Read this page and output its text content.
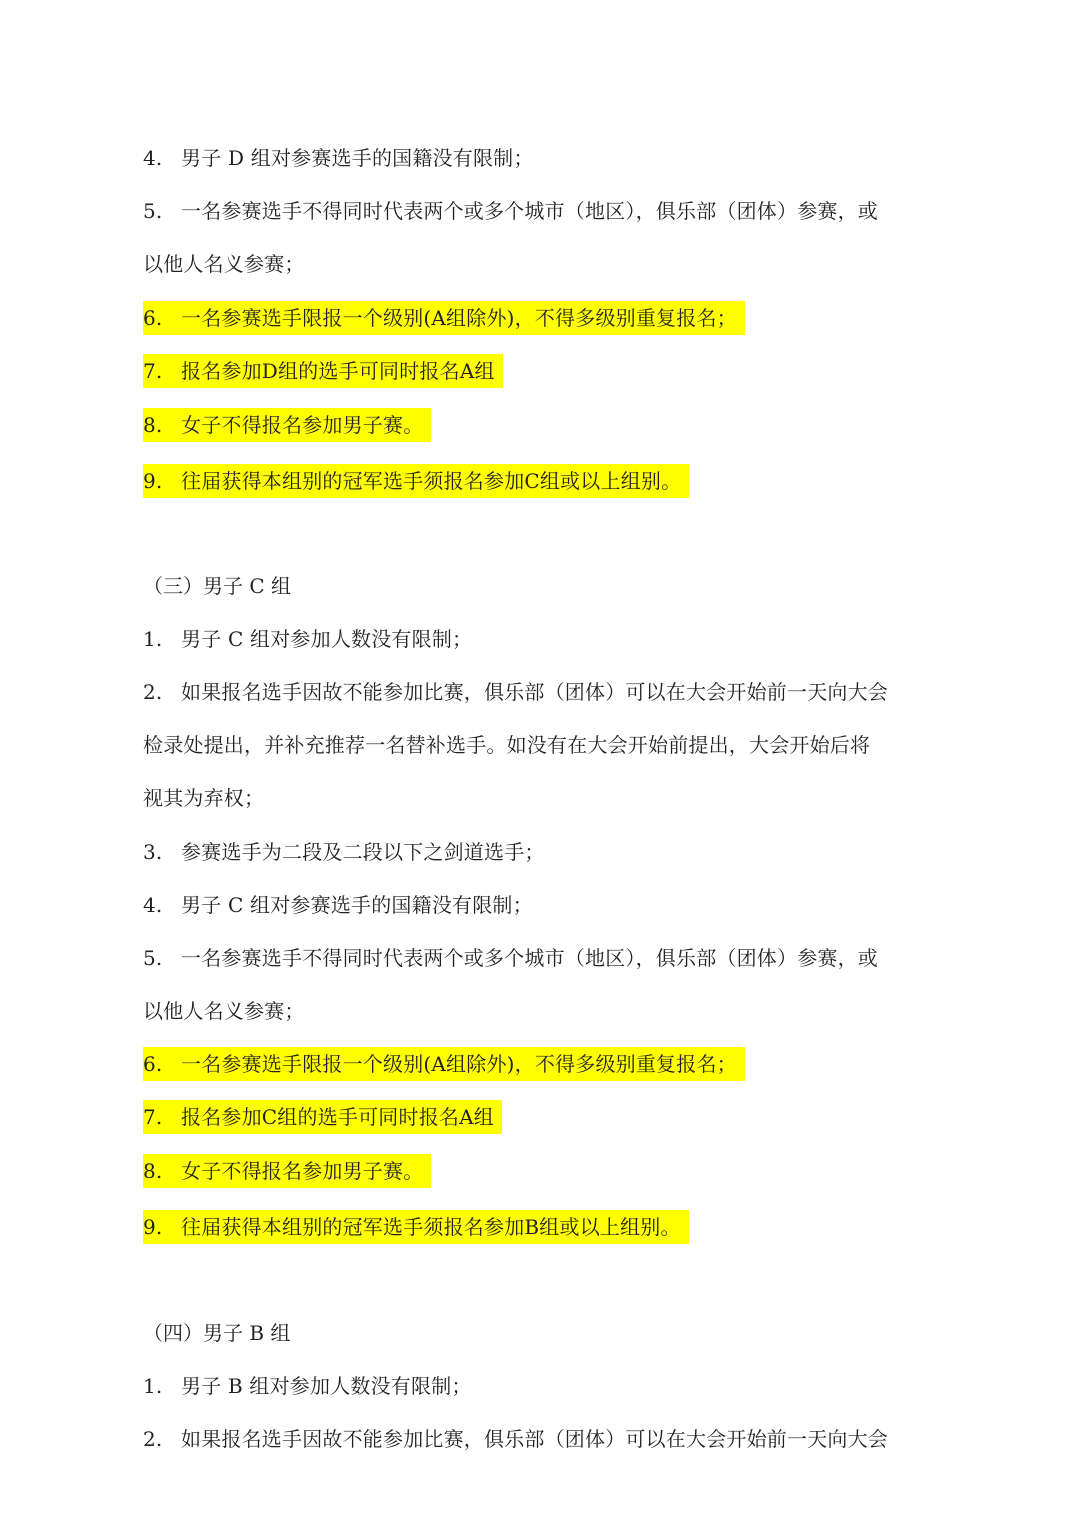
4. 男子 D 组对参赛选手的国籍没有限制；
5. 一名参赛选手不得同时代表两个或多个城市（地区），俱乐部（团体）参赛，或
以他人名义参赛；
6. 一名参赛选手限报一个级别(A组除外)，不得多级别重复报名；
7. 报名参加D组的选手可同时报名A组
8. 女子不得报名参加男子赛。
9. 往届获得本组别的冠军选手须报名参加C组或以上组别。
（三）男子 C 组
1. 男子 C 组对参加人数没有限制；
2. 如果报名选手因故不能参加比赛，俱乐部（团体）可以在大会开始前一天向大会
检录处提出，并补充推荐一名替补选手。如没有在大会开始前提出，大会开始后将
视其为弃权；
3. 参赛选手为二段及二段以下之剑道选手；
4. 男子 C 组对参赛选手的国籍没有限制；
5. 一名参赛选手不得同时代表两个或多个城市（地区），俱乐部（团体）参赛，或
以他人名义参赛；
6. 一名参赛选手限报一个级别(A组除外)，不得多级别重复报名；
7. 报名参加C组的选手可同时报名A组
8. 女子不得报名参加男子赛。
9. 往届获得本组别的冠军选手须报名参加B组或以上组别。
（四）男子 B 组
1. 男子 B 组对参加人数没有限制；
2. 如果报名选手因故不能参加比赛，俱乐部（团体）可以在大会开始前一天向大会
